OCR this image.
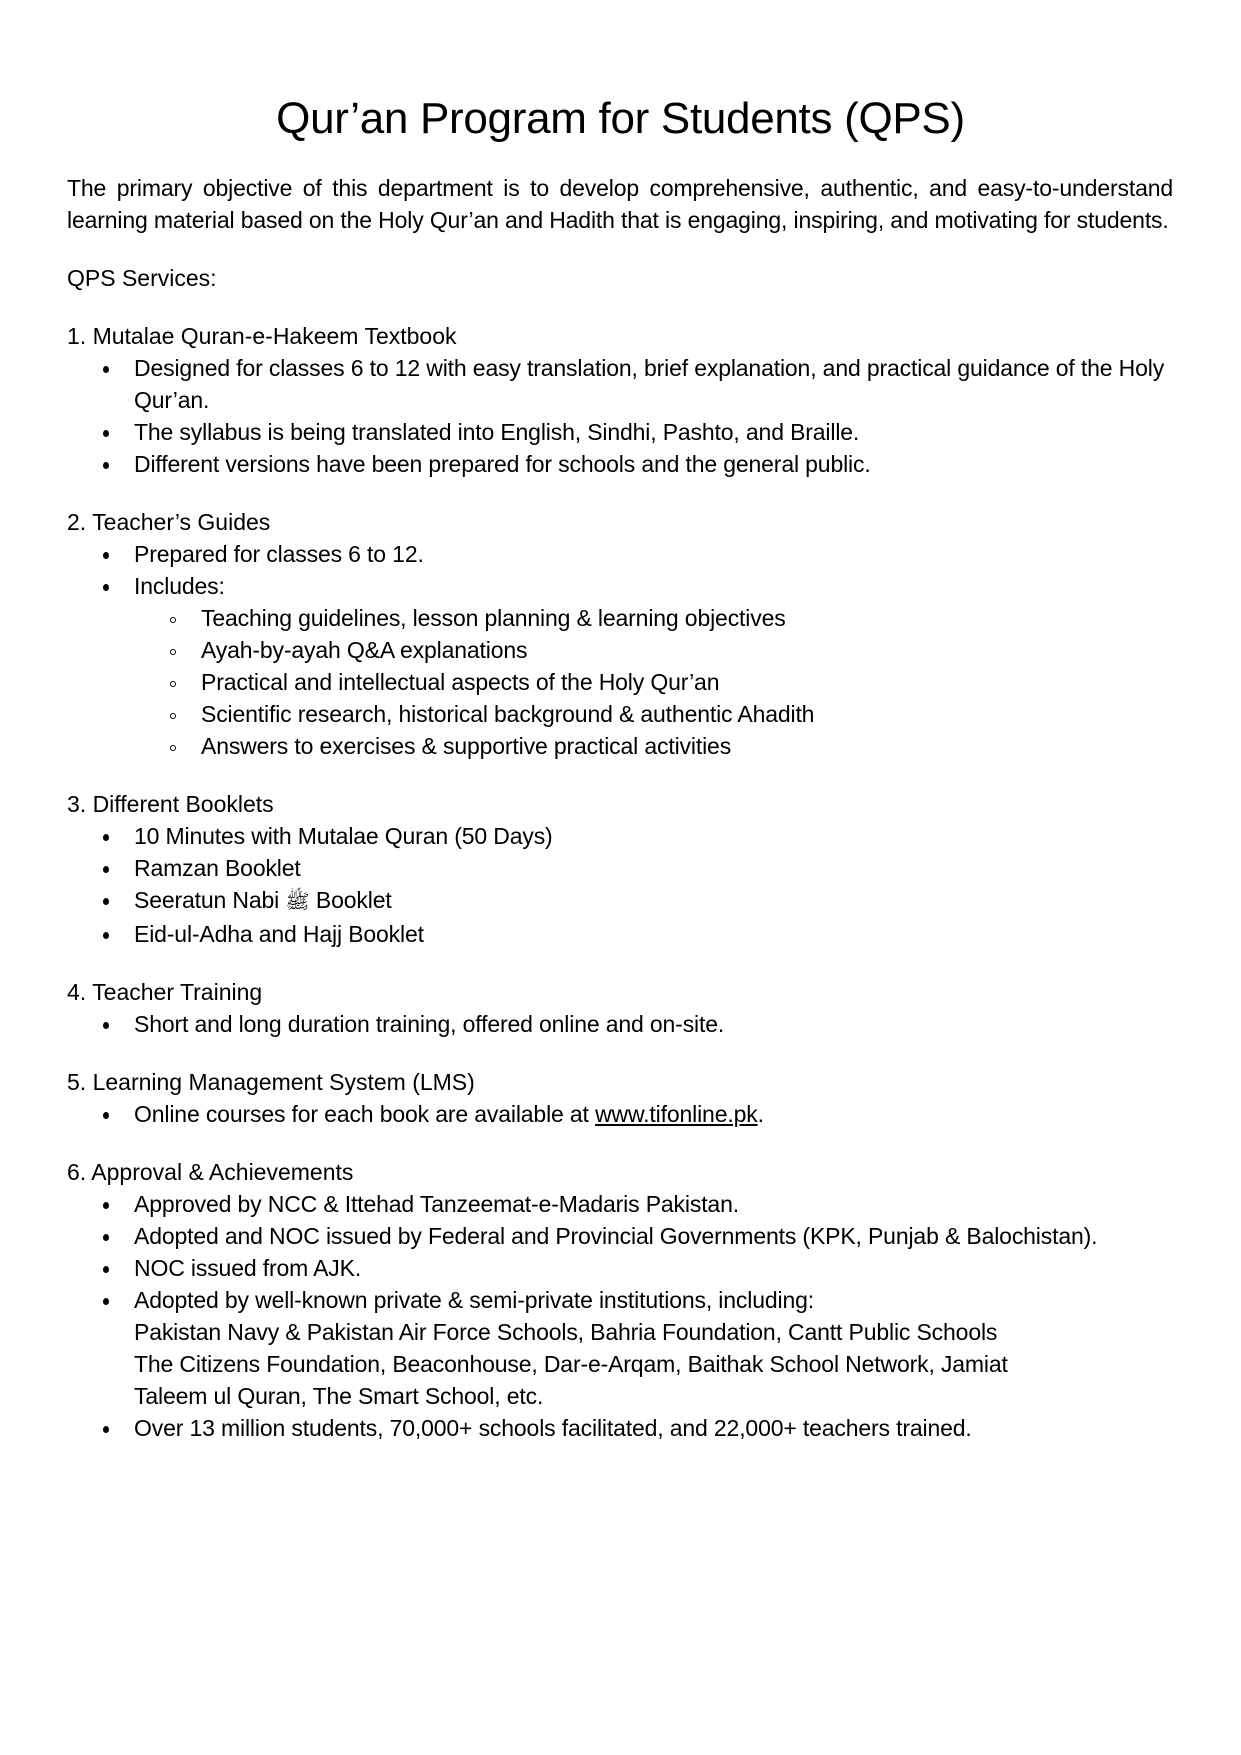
Qur’an Program for Students (QPS)

The primary objective of this department is to develop comprehensive, authentic, and easy-to-understand learning material based on the Holy Qur’an and Hadith that is engaging, inspiring, and motivating for students.

QPS Services:

1. Mutalae Quran-e-Hakeem Textbook

Designed for classes 6 to 12 with easy translation, brief explanation, and practical guidance of the Holy Qur’an.
The syllabus is being translated into English, Sindhi, Pashto, and Braille.
Different versions have been prepared for schools and the general public.

2. Teacher’s Guides

Prepared for classes 6 to 12.
Includes:
Teaching guidelines, lesson planning & learning objectives
Ayah-by-ayah Q&A explanations
Practical and intellectual aspects of the Holy Qur’an
Scientific research, historical background & authentic Ahadith
Answers to exercises & supportive practical activities

3. Different Booklets

10 Minutes with Mutalae Quran (50 Days)
Ramzan Booklet
Seeratun Nabi ﷺ Booklet
Eid-ul-Adha and Hajj Booklet

4. Teacher Training

Short and long duration training, offered online and on-site.

5. Learning Management System (LMS)

Online courses for each book are available at www.tifonline.pk.

6. Approval & Achievements

Approved by NCC & Ittehad Tanzeemat-e-Madaris Pakistan.
Adopted and NOC issued by Federal and Provincial Governments (KPK, Punjab & Balochistan).
NOC issued from AJK.
Adopted by well-known private & semi-private institutions, including:
Pakistan Navy & Pakistan Air Force Schools, Bahria Foundation, Cantt Public Schools
The Citizens Foundation, Beaconhouse, Dar-e-Arqam, Baithak School Network, Jamiat
Taleem ul Quran, The Smart School, etc.
Over 13 million students, 70,000+ schools facilitated, and 22,000+ teachers trained.
